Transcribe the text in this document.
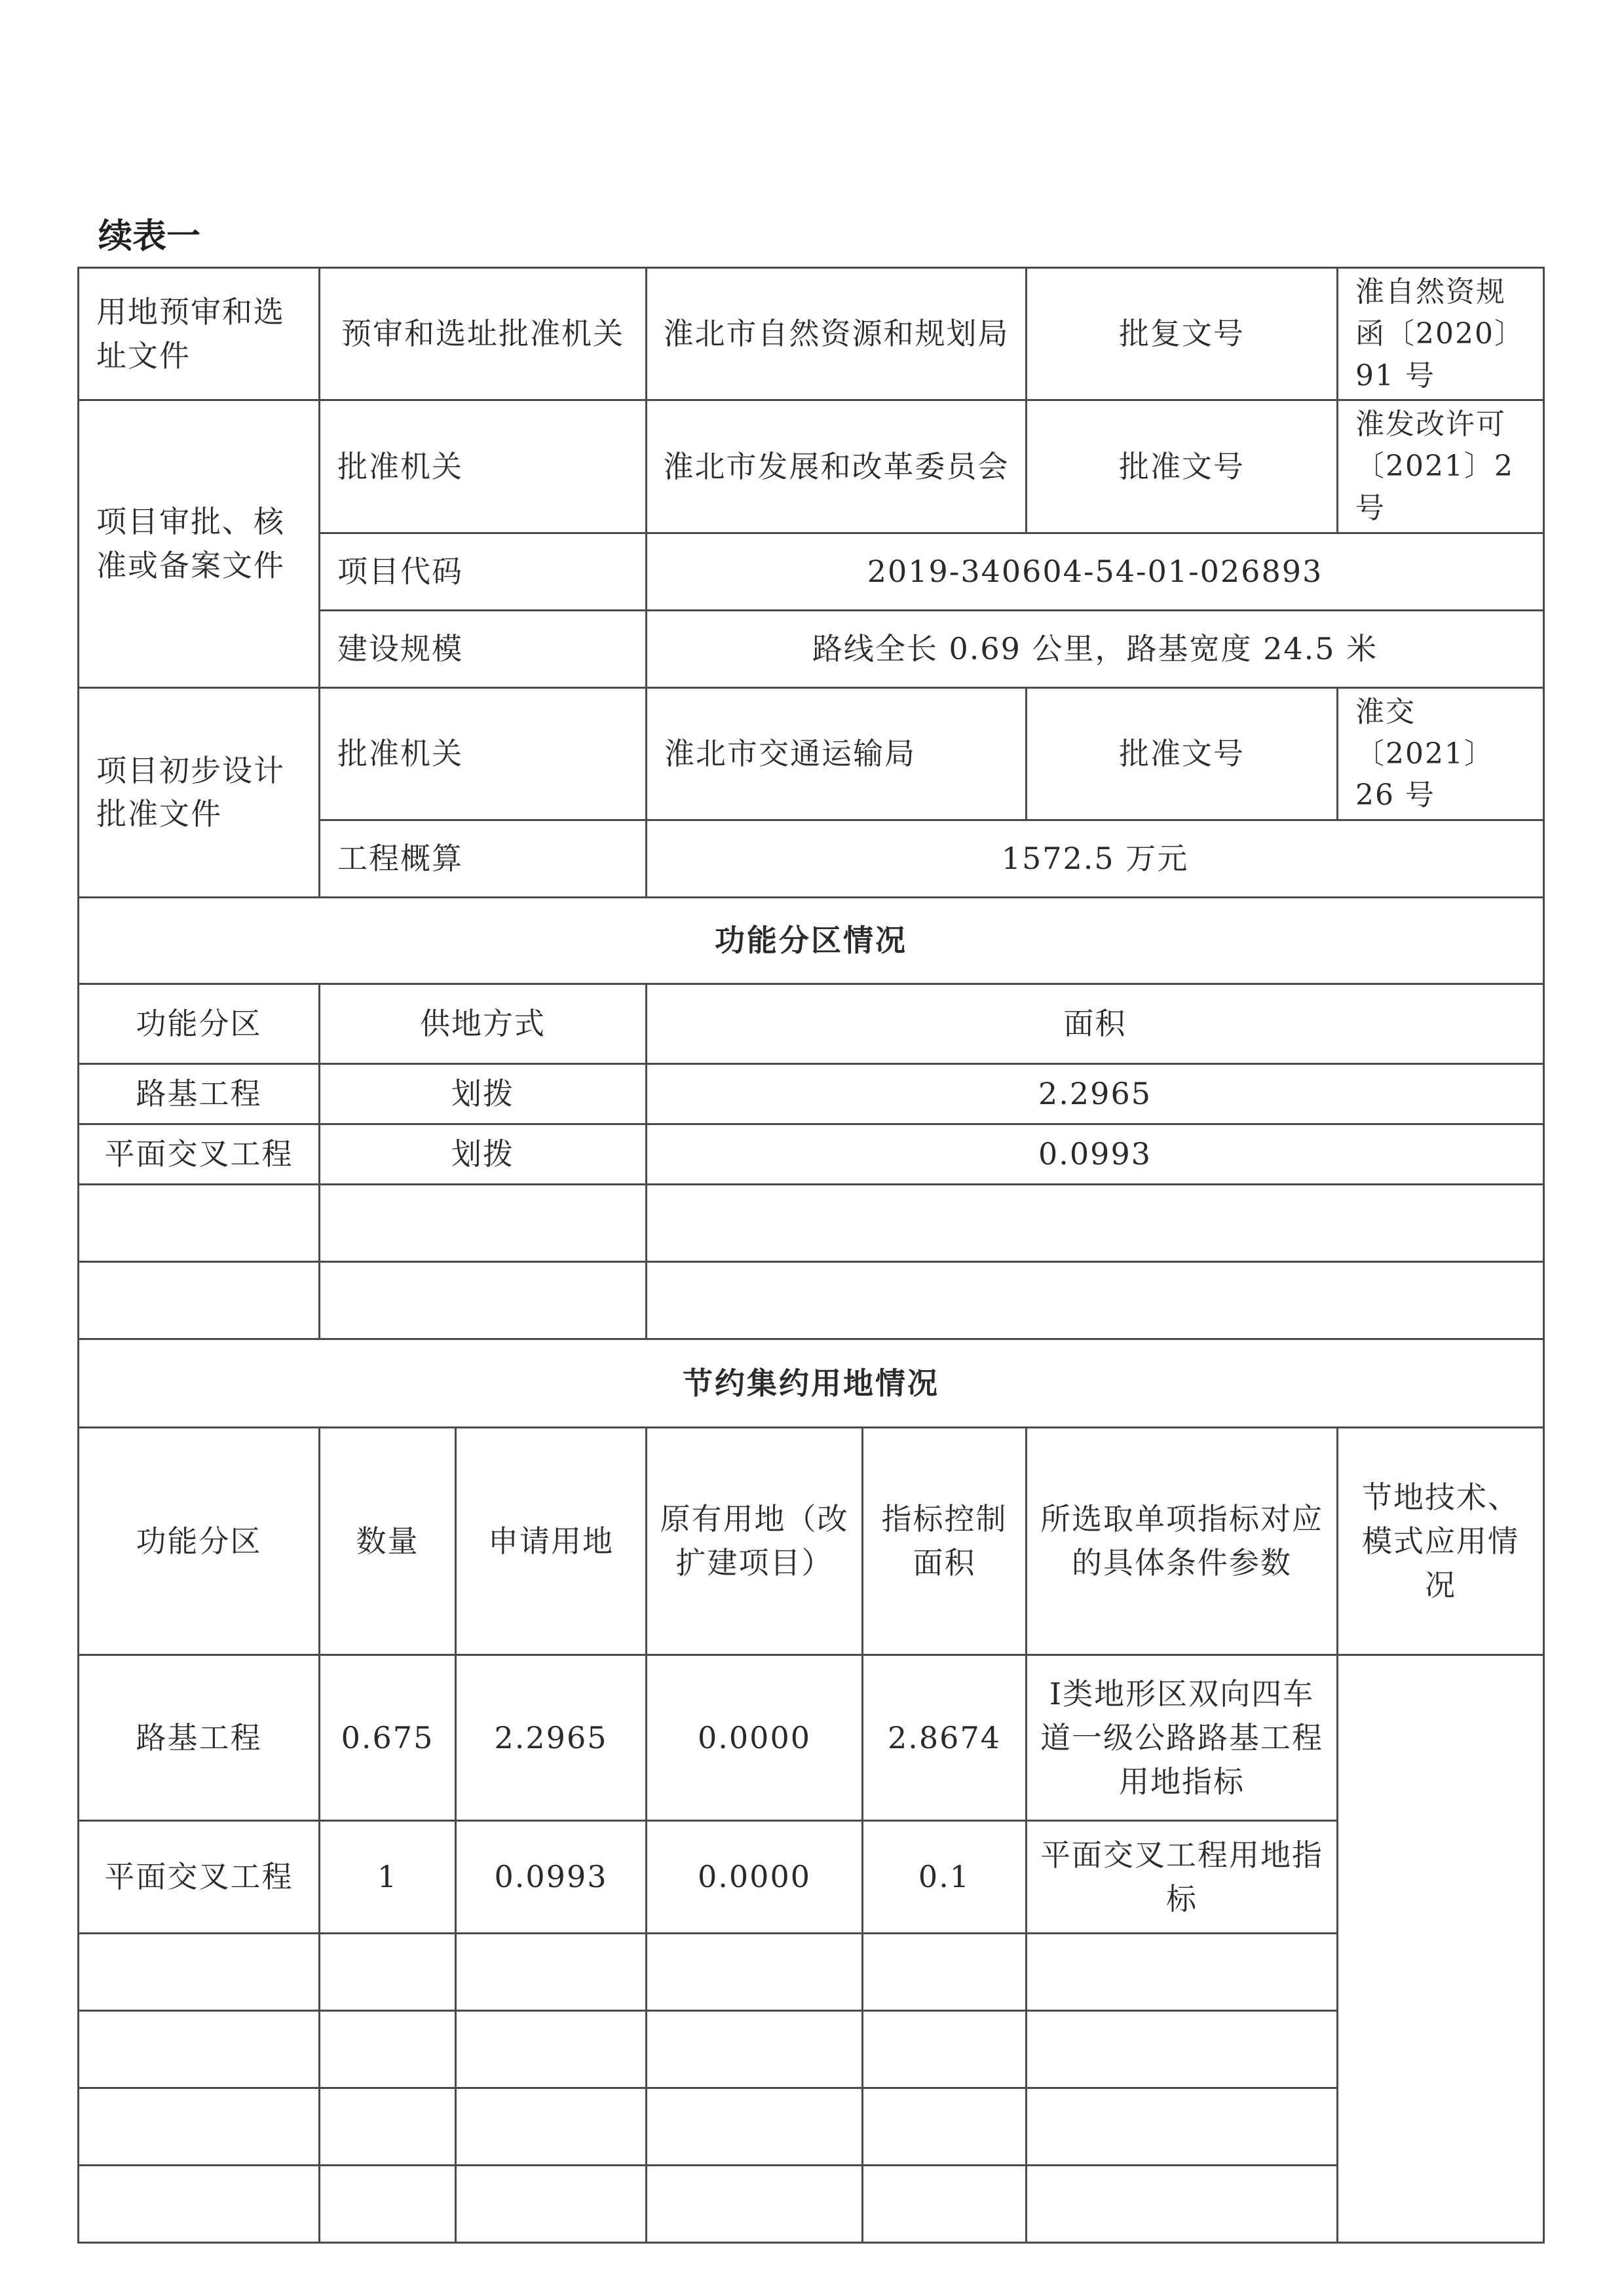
续表一
用地预审和选址文件	预审和选址批准机关		淮北市自然资源和规划局		批复文号	淮自然资规函〔2020〕91 号
项目审批、核准或备案文件	批准机关		淮北市发展和改革委员会		批准文号	淮发改许可〔2021〕2 号
	项目代码		2019-340604-54-01-026893			
	建设规模		路线全长 0.69 公里，路基宽度 24.5 米			
项目初步设计批准文件	批准机关		淮北市交通运输局		批准文号	淮交〔2021〕26 号
	工程概算		1572.5 万元			
功能分区情况						
功能分区	供地方式		面积			
路基工程	划拨		2.2965			
平面交叉工程	划拨		0.0993			

节约集约用地情况						
功能分区	数量	申请用地	原有用地（改扩建项目）	指标控制面积	所选取单项指标对应的具体条件参数	节地技术、模式应用情况
路基工程	0.675	2.2965	0.0000	2.8674	Ⅰ类地形区双向四车道一级公路路基工程用地指标	
平面交叉工程	1	0.0993	0.0000	0.1	平面交叉工程用地指标	
